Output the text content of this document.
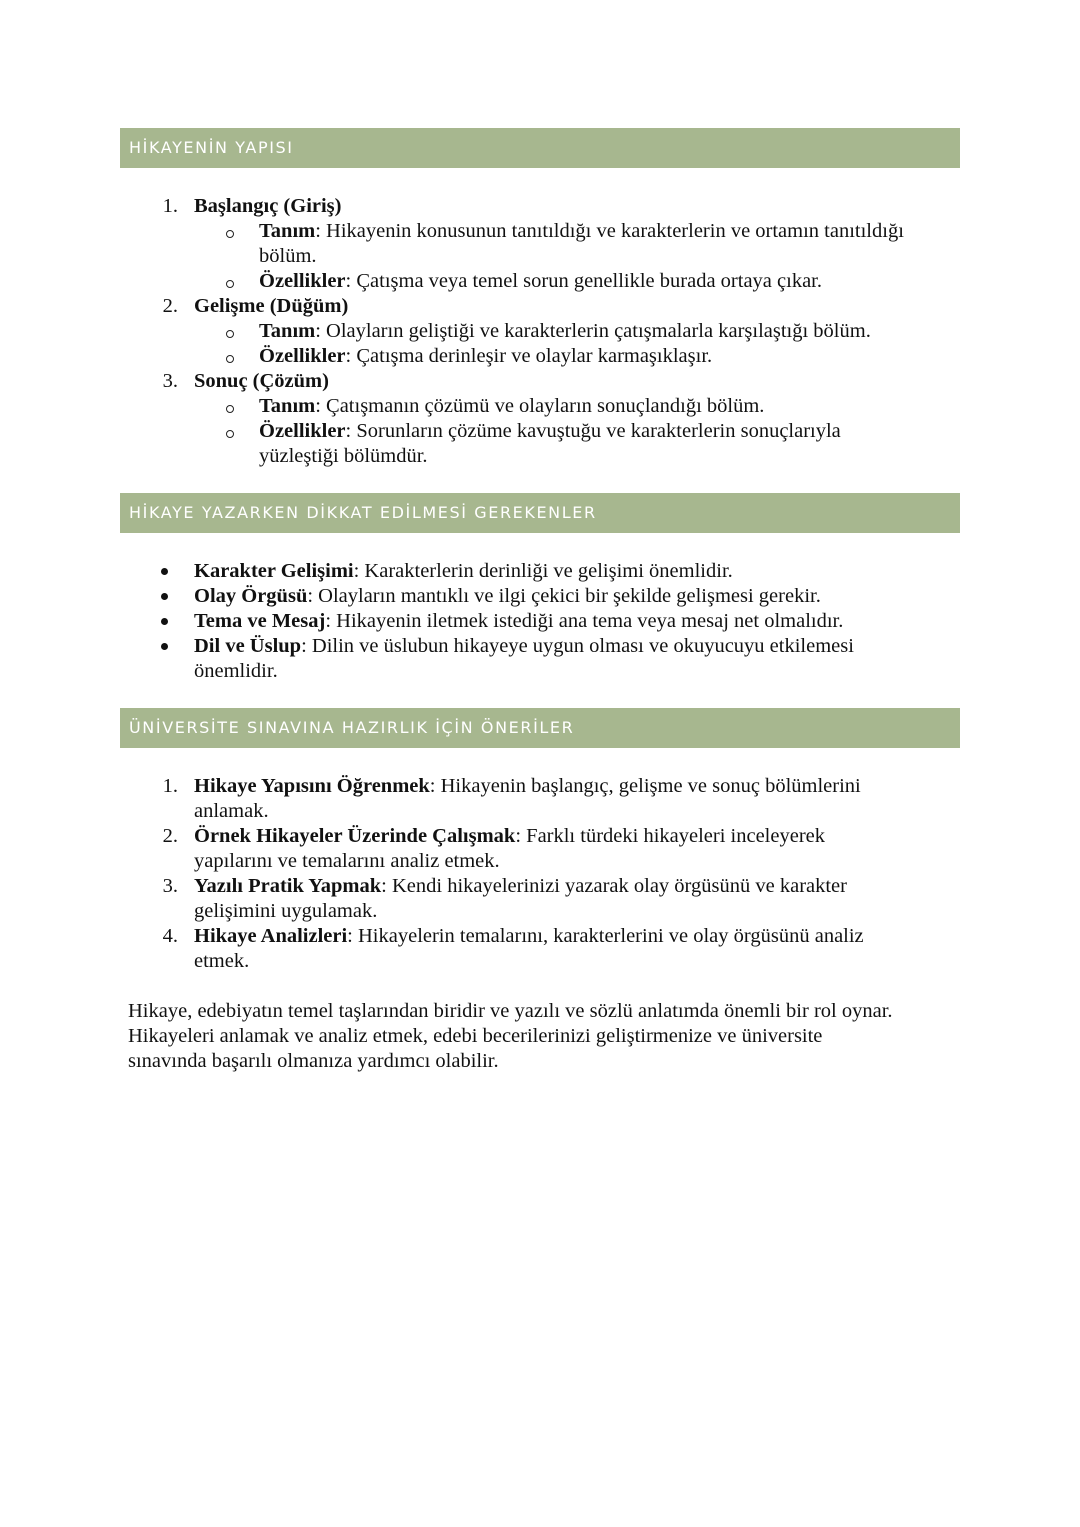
HİKAYENİN YAPISI
1. Başlangıç (Giriş)
Tanım: Hikayenin konusunun tanıtıldığı ve karakterlerin ve ortamın tanıtıldığı
bölüm.
Özellikler: Çatışma veya temel sorun genellikle burada ortaya çıkar.
2. Gelişme (Düğüm)
Tanım: Olayların geliştiği ve karakterlerin çatışmalarla karşılaştığı bölüm.
Özellikler: Çatışma derinleşir ve olaylar karmaşıklaşır.
3. Sonuç (Çözüm)
Tanım: Çatışmanın çözümü ve olayların sonuçlandığı bölüm.
Özellikler: Sorunların çözüme kavuştuğu ve karakterlerin sonuçlarıyla
yüzleştiği bölümdür.
HİKAYE YAZARKEN DİKKAT EDİLMESİ GEREKENLER
Karakter Gelişimi: Karakterlerin derinliği ve gelişimi önemlidir.
Olay Örgüsü: Olayların mantıklı ve ilgi çekici bir şekilde gelişmesi gerekir.
Tema ve Mesaj: Hikayenin iletmek istediği ana tema veya mesaj net olmalıdır.
Dil ve Üslup: Dilin ve üslubun hikayeye uygun olması ve okuyucuyu etkilemesi
önemlidir.
ÜNİVERSİTE SINAVINA HAZIRLIK İÇİN ÖNERİLER
1. Hikaye Yapısını Öğrenmek: Hikayenin başlangıç, gelişme ve sonuç bölümlerini
anlamak.
2. Örnek Hikayeler Üzerinde Çalışmak: Farklı türdeki hikayeleri inceleyerek
yapılarını ve temalarını analiz etmek.
3. Yazılı Pratik Yapmak: Kendi hikayelerinizi yazarak olay örgüsünü ve karakter
gelişimini uygulamak.
4. Hikaye Analizleri: Hikayelerin temalarını, karakterlerini ve olay örgüsünü analiz
etmek.
Hikaye, edebiyatın temel taşlarından biridir ve yazılı ve sözlü anlatımda önemli bir rol oynar.
Hikayeleri anlamak ve analiz etmek, edebi becerilerinizi geliştirmenize ve üniversite
sınavında başarılı olmanıza yardımcı olabilir.
